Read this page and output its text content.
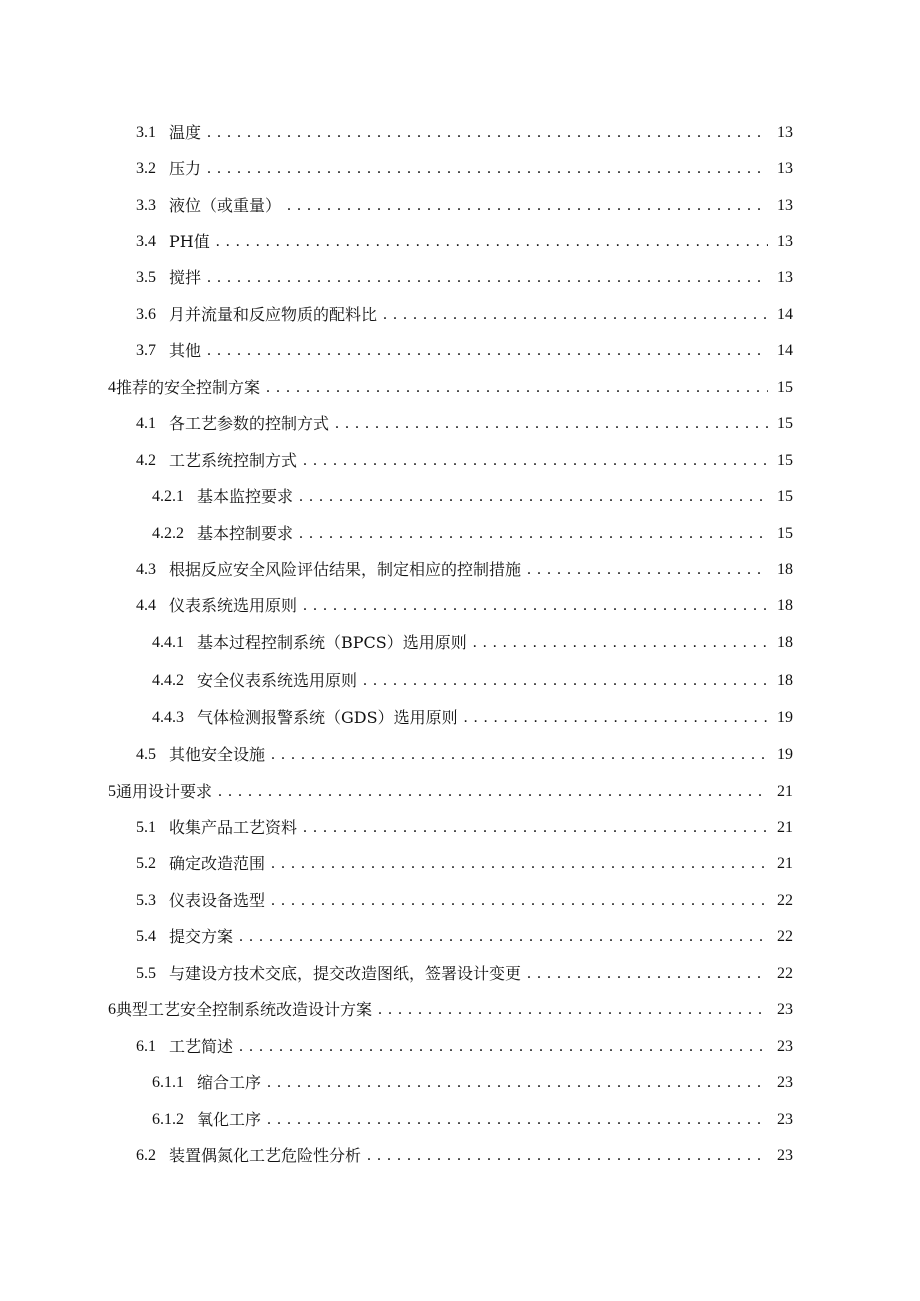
3.1 温度 . . .	13
3.2 压力 . . .	13
3.3 液位（或重量） . . .	13
3.4 PH值 . . .	13
3.5 搅拌 . . .	13
3.6 月并流量和反应物质的配料比 . . .	14
3.7 其他 . . .	14
4 推荐的安全控制方案 . . .	15
4.1 各工艺参数的控制方式 . . .	15
4.2 工艺系统控制方式 . . .	15
4.2.1 基本监控要求 . . .	15
4.2.2 基本控制要求 . . .	15
4.3 根据反应安全风险评估结果，制定相应的控制措施 . . .	18
4.4 仪表系统选用原则 . . .	18
4.4.1 基本过程控制系统（BPCS）选用原则 . . .	18
4.4.2 安全仪表系统选用原则 . . .	18
4.4.3 气体检测报警系统（GDS）选用原则 . . .	19
4.5 其他安全设施 . . .	19
5 通用设计要求 . . .	21
5.1 收集产品工艺资料 . . .	21
5.2 确定改造范围 . . .	21
5.3 仪表设备选型 . . .	22
5.4 提交方案 . . .	22
5.5 与建设方技术交底，提交改造图纸，签署设计变更 . . .	22
6 典型工艺安全控制系统改造设计方案 . . .	23
6.1 工艺简述 . . .	23
6.1.1 缩合工序 . . .	23
6.1.2 氧化工序 . . .	23
6.2 装置偶氮化工艺危险性分析 . . .	23
